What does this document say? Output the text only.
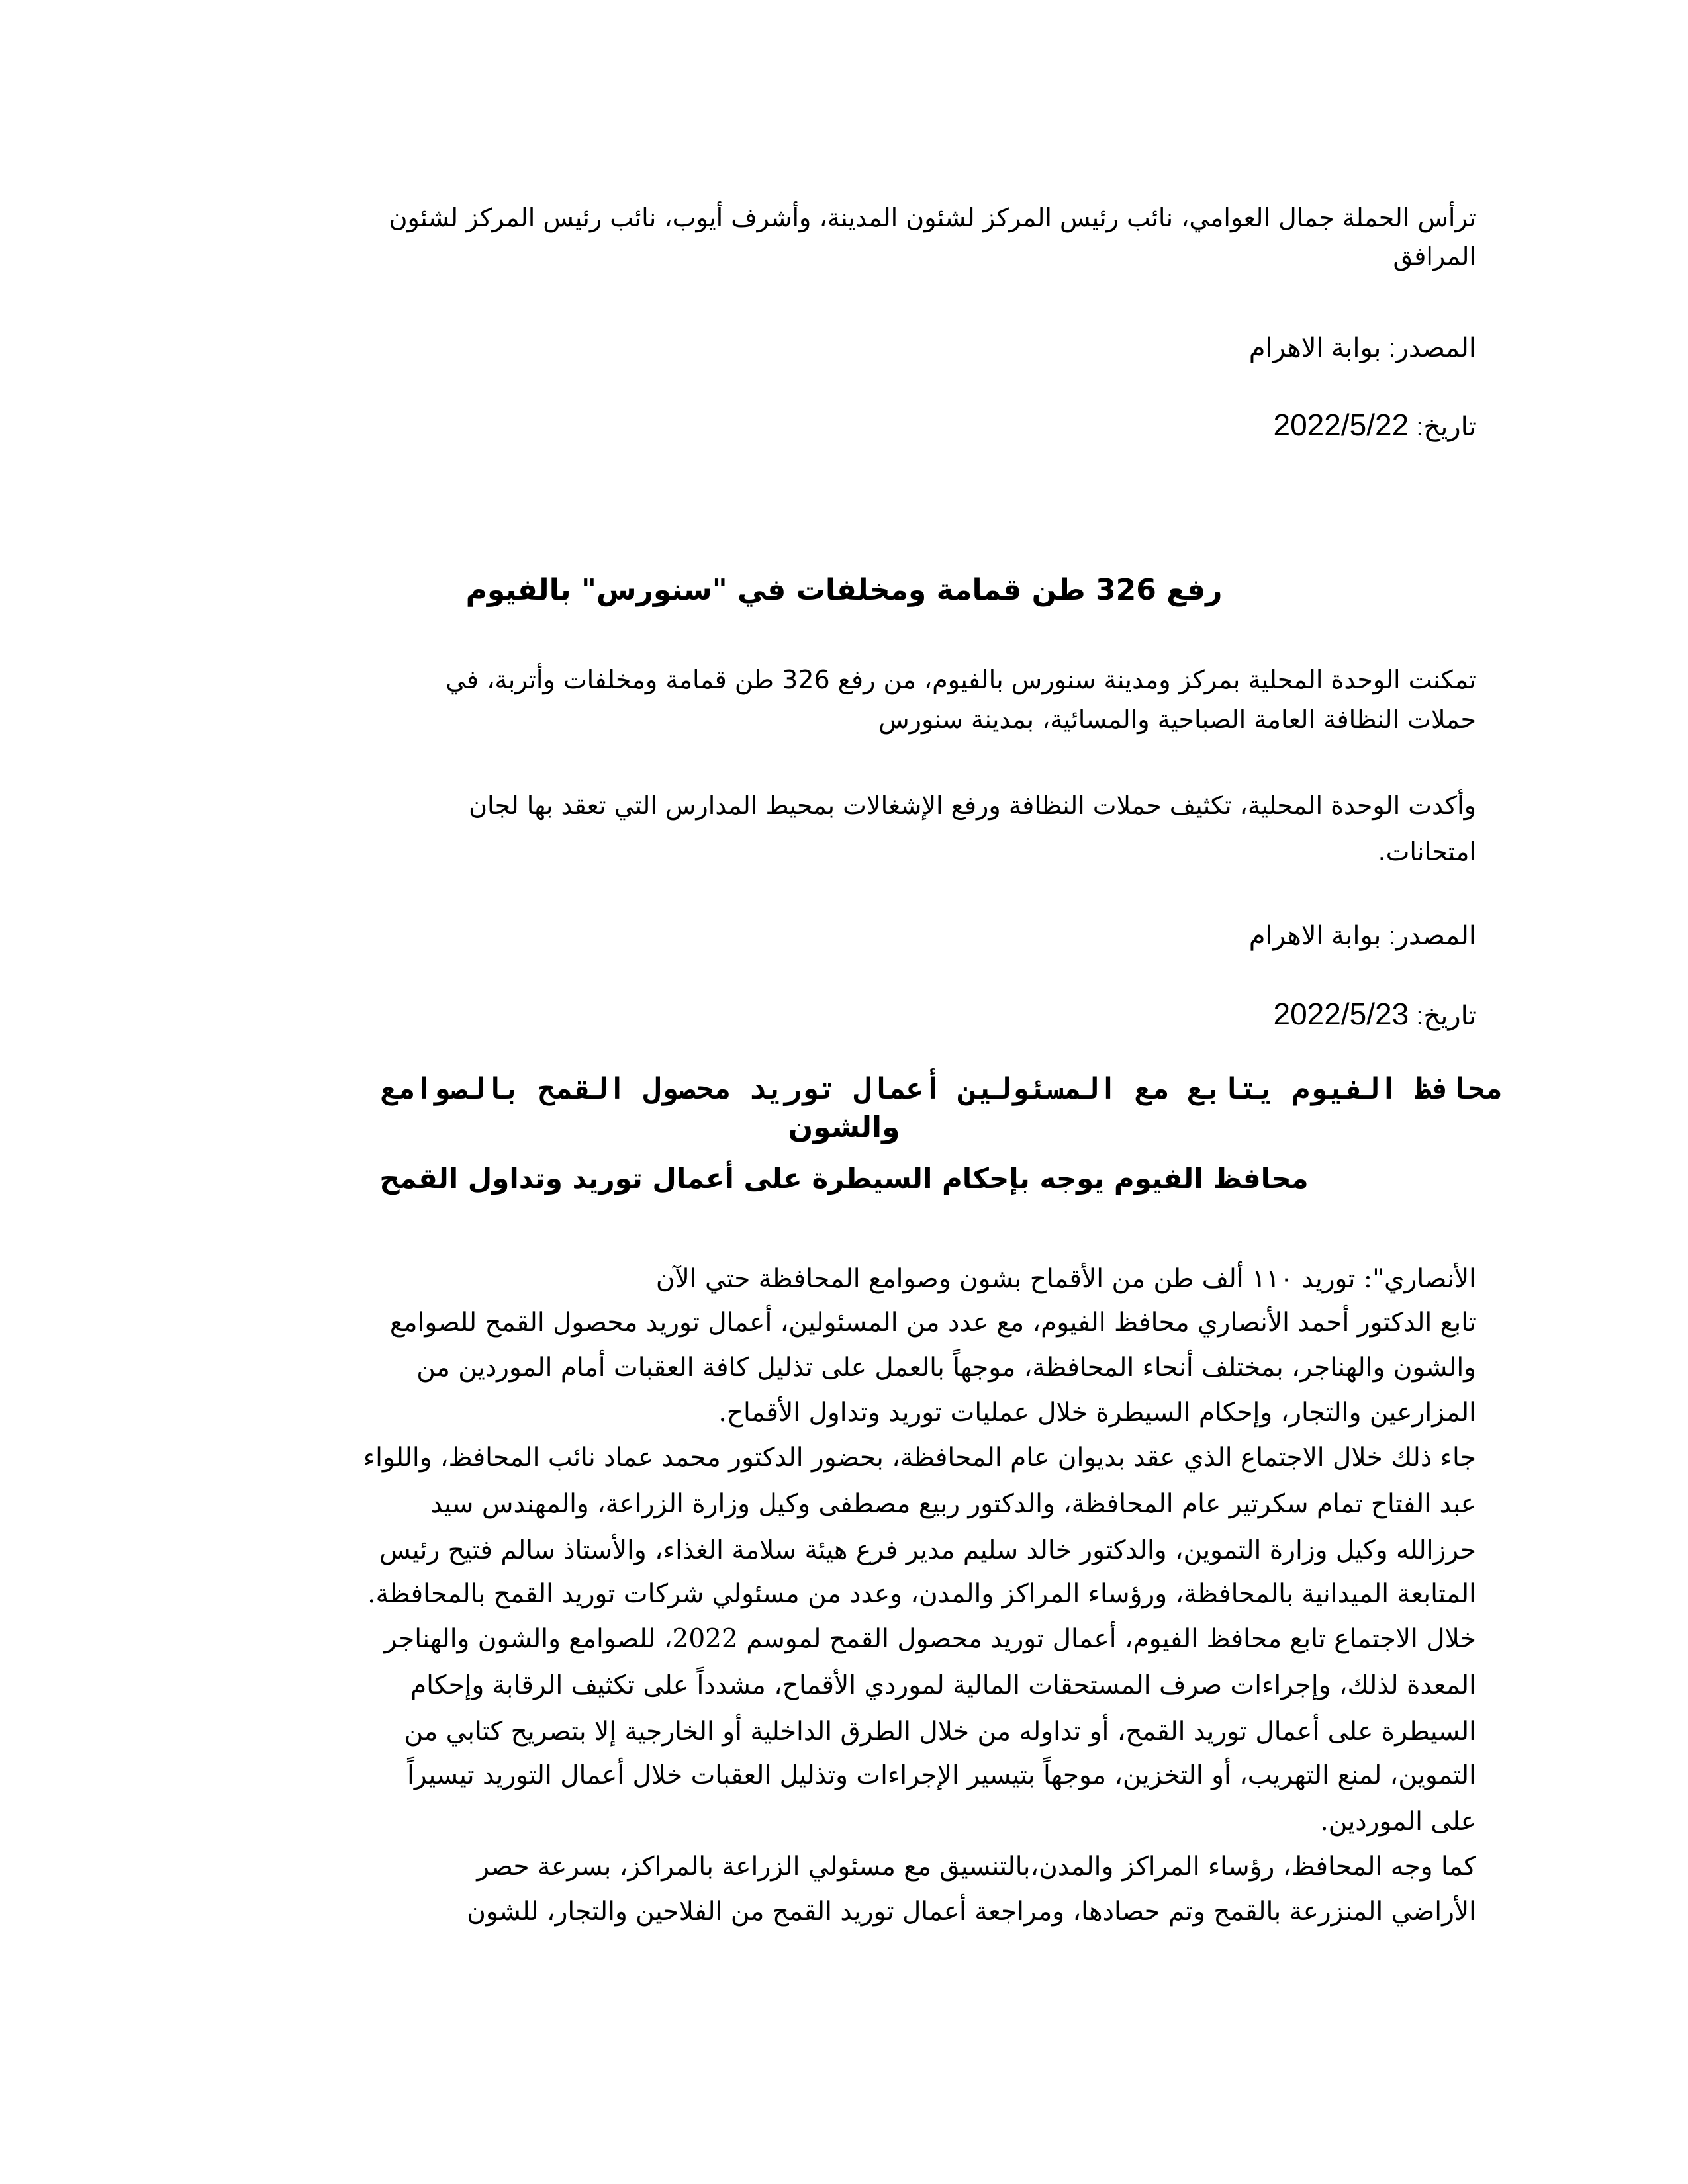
ترأس الحملة جمال العوامي، نائب رئيس المركز لشئون المدينة، وأشرف أيوب، نائب رئيس المركز لشئون

المرافق

المصدر: بوابة الاهرام

تاريخ: 2022/5/22
رفع 326 طن قمامة ومخلفات في "سنورس" بالفيوم

تمكنت الوحدة المحلية بمركز ومدينة سنورس بالفيوم، من رفع 326 طن قمامة ومخلفات وأتربة، في

حملات النظافة العامة الصباحية والمسائية، بمدينة سنورس

وأكدت الوحدة المحلية، تكثيف حملات النظافة ورفع الإشغالات بمحيط المدارس التي تعقد بها لجان

امتحانات.

المصدر: بوابة الاهرام

تاريخ: 2022/5/23
محافظ الفيوم يتابع مع المسئولين أعمال توريد محصول القمح بالصوامع
والشون
محافظ الفيوم يوجه بإحكام السيطرة على أعمال توريد وتداول القمح

الأنصاري": توريد ١١٠ ألف طن من الأقماح بشون وصوامع المحافظة حتي الآن

تابع الدكتور أحمد الأنصاري محافظ الفيوم، مع عدد من المسئولين، أعمال توريد محصول القمح للصوامع

والشون والهناجر، بمختلف أنحاء المحافظة، موجهاً بالعمل على تذليل كافة العقبات أمام الموردين من

المزارعين والتجار، وإحكام السيطرة خلال عمليات توريد وتداول الأقماح.

جاء ذلك خلال الاجتماع الذي عقد بديوان عام المحافظة، بحضور الدكتور محمد عماد نائب المحافظ، واللواء

عبد الفتاح تمام سكرتير عام المحافظة، والدكتور ربيع مصطفى وكيل وزارة الزراعة، والمهندس سيد

حرزالله وكيل وزارة التموين، والدكتور خالد سليم مدير فرع هيئة سلامة الغذاء، والأستاذ سالم فتيح رئيس

المتابعة الميدانية بالمحافظة، ورؤساء المراكز والمدن، وعدد من مسئولي شركات توريد القمح بالمحافظة.

خلال الاجتماع تابع محافظ الفيوم، أعمال توريد محصول القمح لموسم 2022، للصوامع والشون والهناجر

المعدة لذلك، وإجراءات صرف المستحقات المالية لموردي الأقماح، مشدداً على تكثيف الرقابة وإحكام

السيطرة على أعمال توريد القمح، أو تداوله من خلال الطرق الداخلية أو الخارجية إلا بتصريح كتابي من

التموين، لمنع التهريب، أو التخزين، موجهاً بتيسير الإجراءات وتذليل العقبات خلال أعمال التوريد تيسيراً

على الموردين.

كما وجه المحافظ، رؤساء المراكز والمدن،بالتنسيق مع مسئولي الزراعة بالمراكز، بسرعة حصر

الأراضي المنزرعة بالقمح وتم حصادها، ومراجعة أعمال توريد القمح من الفلاحين والتجار، للشون
